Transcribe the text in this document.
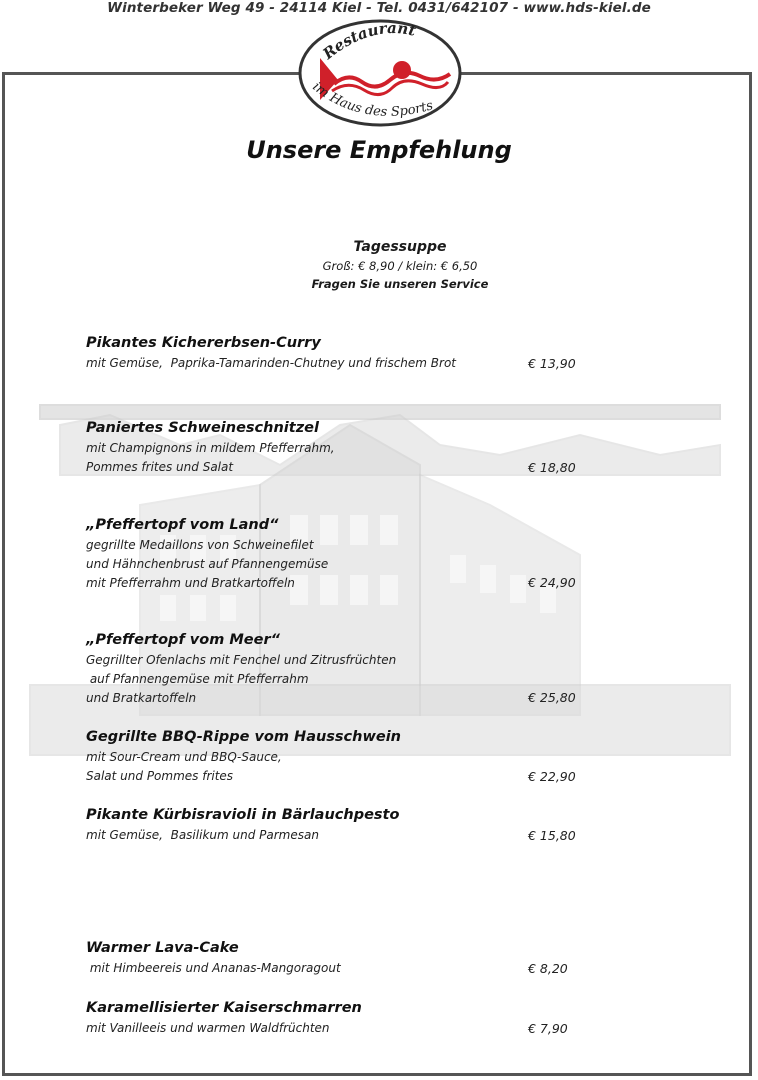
Winterbeker Weg 49 - 24114 Kiel - Tel. 0431/642107 - www.hds-kiel.de
Restaurant
im Haus des Sports
Unsere Empfehlung
Tagessuppe
Groß: € 8,90 / klein: € 6,50
Fragen Sie unseren Service
Pikantes Kichererbsen-Curry
mit Gemüse,  Paprika-Tamarinden-Chutney und frischem Brot	€ 13,90
Paniertes Schweineschnitzel
mit Champignons in mildem Pfefferrahm,
Pommes frites und Salat	€ 18,80
„Pfeffertopf vom Land“
gegrillte Medaillons von Schweinefilet
und Hähnchenbrust auf Pfannengemüse
mit Pfefferrahm und Bratkartoffeln	€ 24,90
„Pfeffertopf vom Meer“
Gegrillter Ofenlachs mit Fenchel und Zitrusfrüchten
auf Pfannengemüse mit Pfefferrahm
und Bratkartoffeln	€ 25,80
Gegrillte BBQ-Rippe vom Hausschwein
mit Sour-Cream und BBQ-Sauce,
Salat und Pommes frites	€ 22,90
Pikante Kürbisravioli in Bärlauchpesto
mit Gemüse,  Basilikum und Parmesan	€ 15,80
Warmer Lava-Cake
mit Himbeereis und Ananas-Mangoragout	€ 8,20
Karamellisierter Kaiserschmarren
mit Vanilleeis und warmen Waldfrüchten	€ 7,90
